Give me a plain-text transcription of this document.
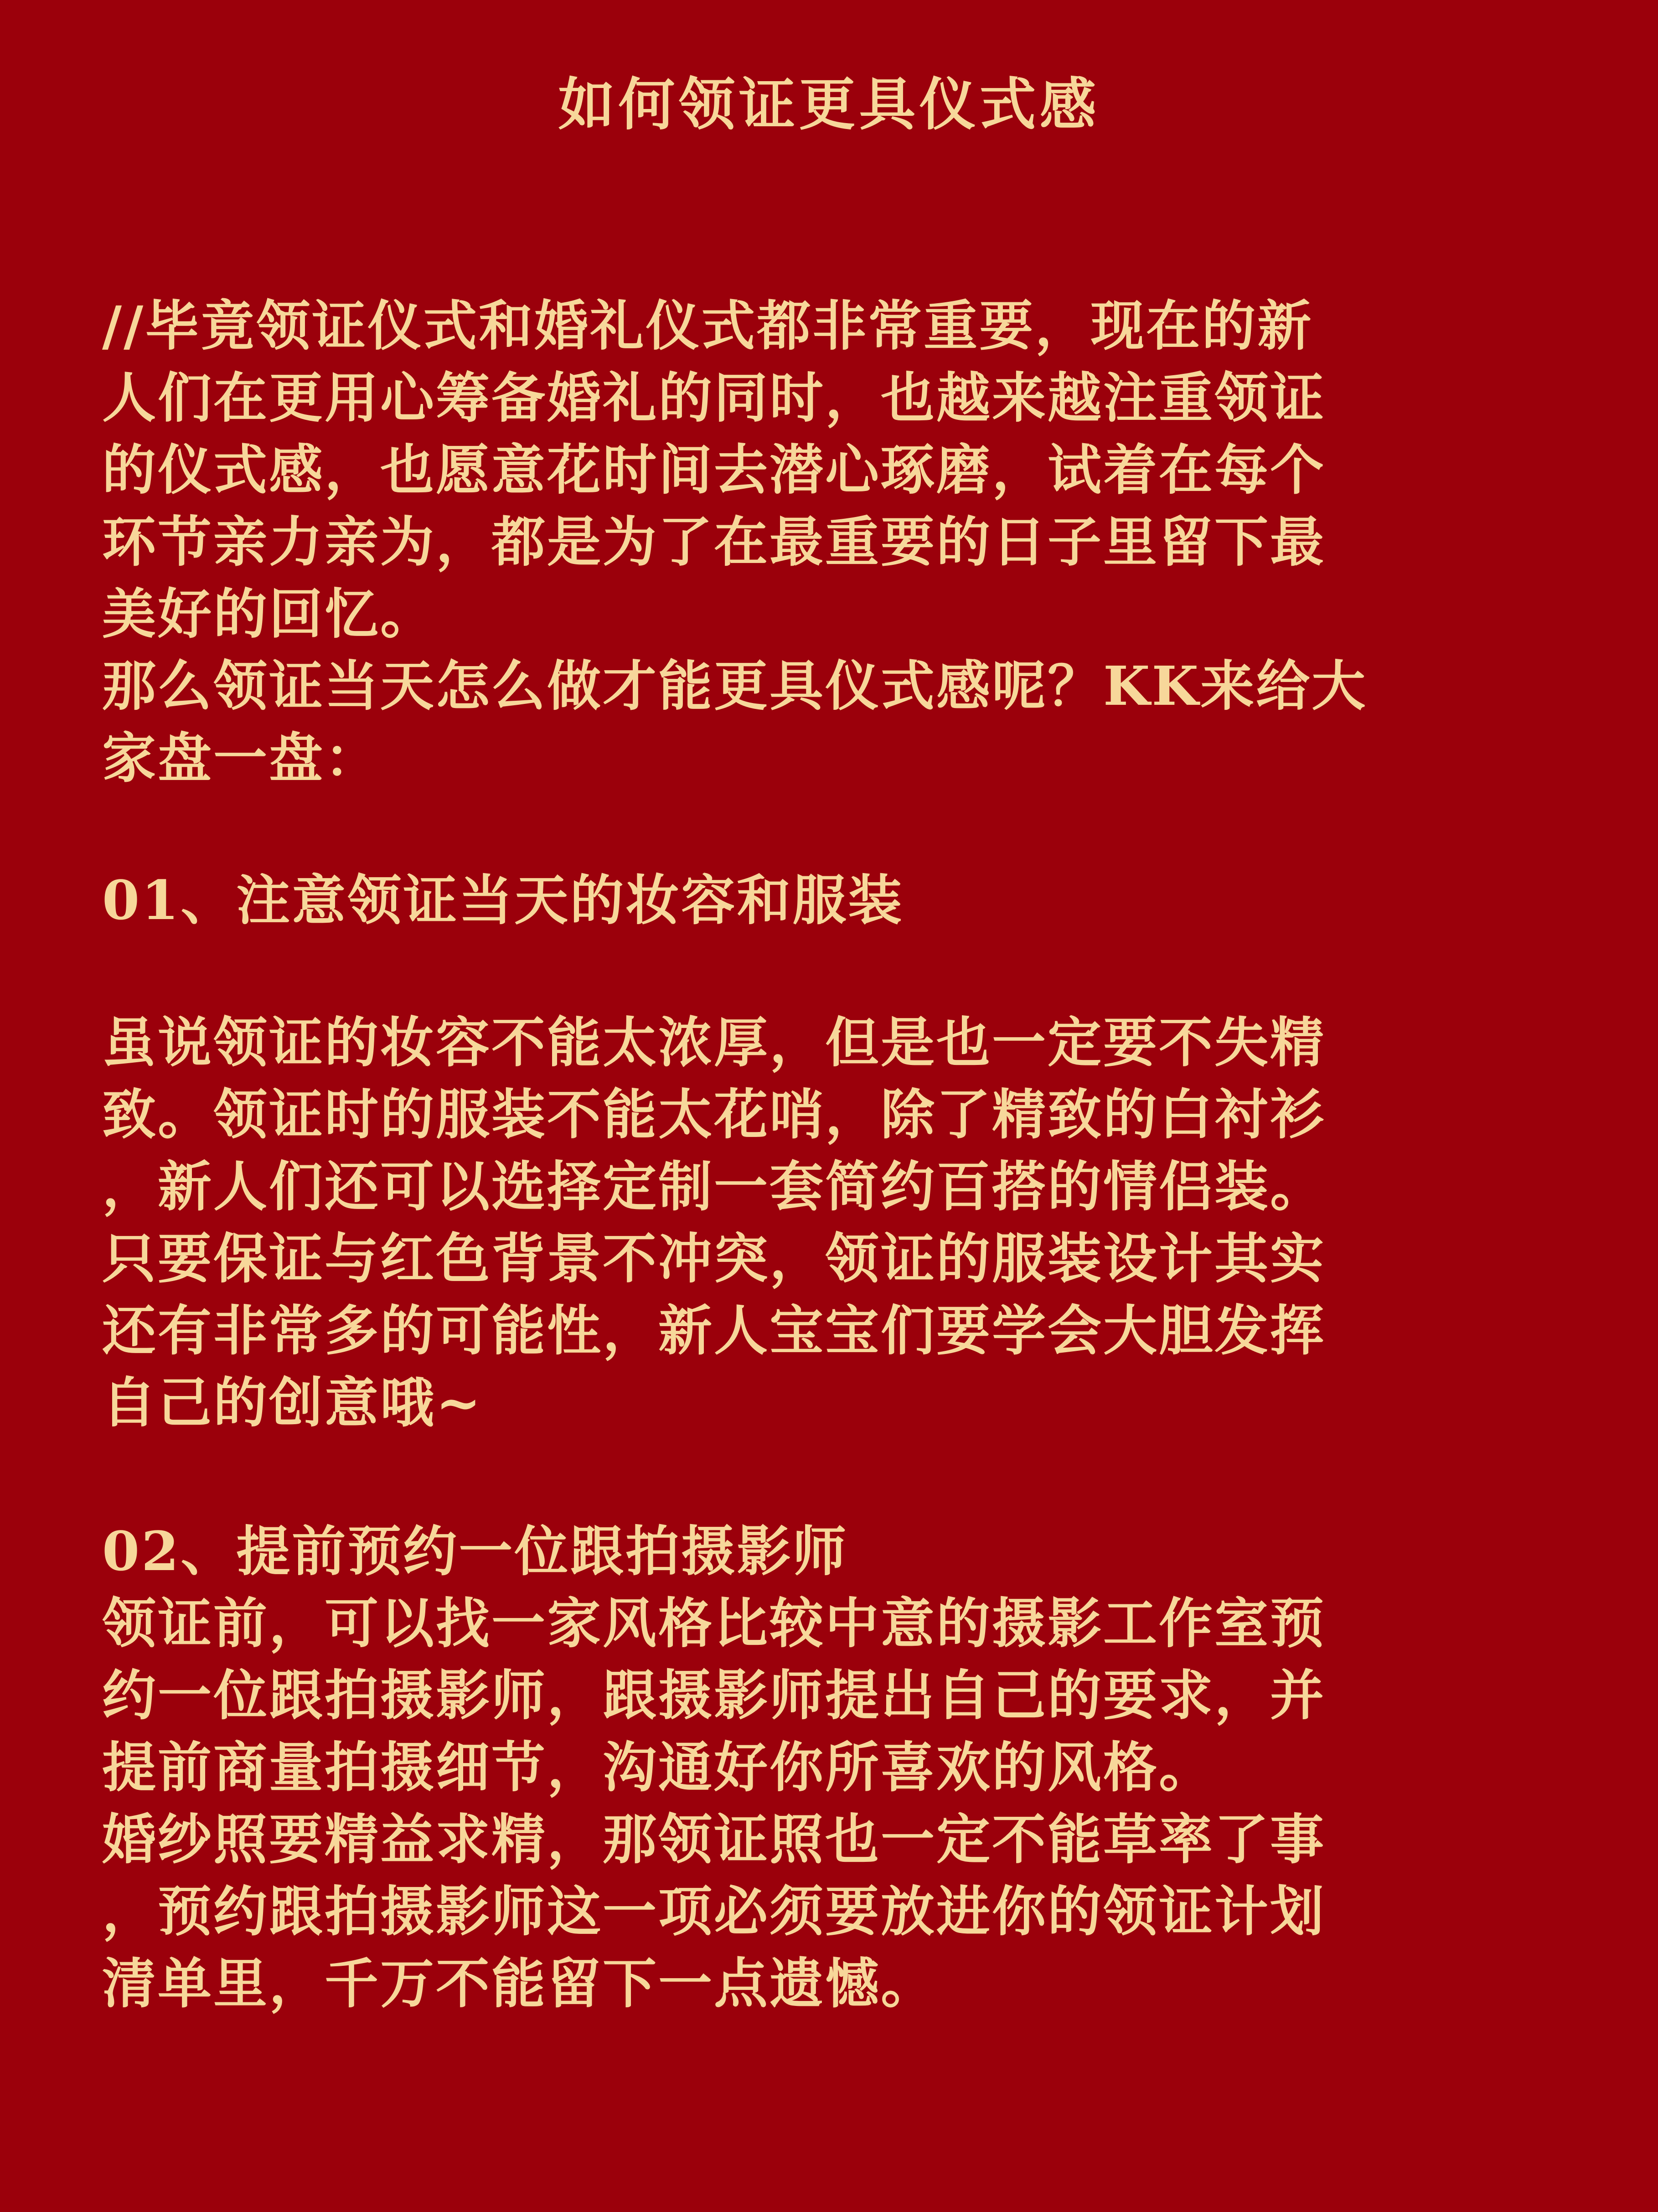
如何领证更具仪式感
//毕竟领证仪式和婚礼仪式都非常重要，现在的新
人们在更用心筹备婚礼的同时，也越来越注重领证
的仪式感，也愿意花时间去潜心琢磨，试着在每个
环节亲力亲为，都是为了在最重要的日子里留下最
美好的回忆。
那么领证当天怎么做才能更具仪式感呢？KK来给大
家盘一盘：
01、注意领证当天的妆容和服装
虽说领证的妆容不能太浓厚，但是也一定要不失精
致。领证时的服装不能太花哨，除了精致的白衬衫
，新人们还可以选择定制一套简约百搭的情侣装。
只要保证与红色背景不冲突，领证的服装设计其实
还有非常多的可能性，新人宝宝们要学会大胆发挥
自己的创意哦~
02、提前预约一位跟拍摄影师
领证前，可以找一家风格比较中意的摄影工作室预
约一位跟拍摄影师，跟摄影师提出自己的要求，并
提前商量拍摄细节，沟通好你所喜欢的风格。
婚纱照要精益求精，那领证照也一定不能草率了事
，预约跟拍摄影师这一项必须要放进你的领证计划
清单里，千万不能留下一点遗憾。
